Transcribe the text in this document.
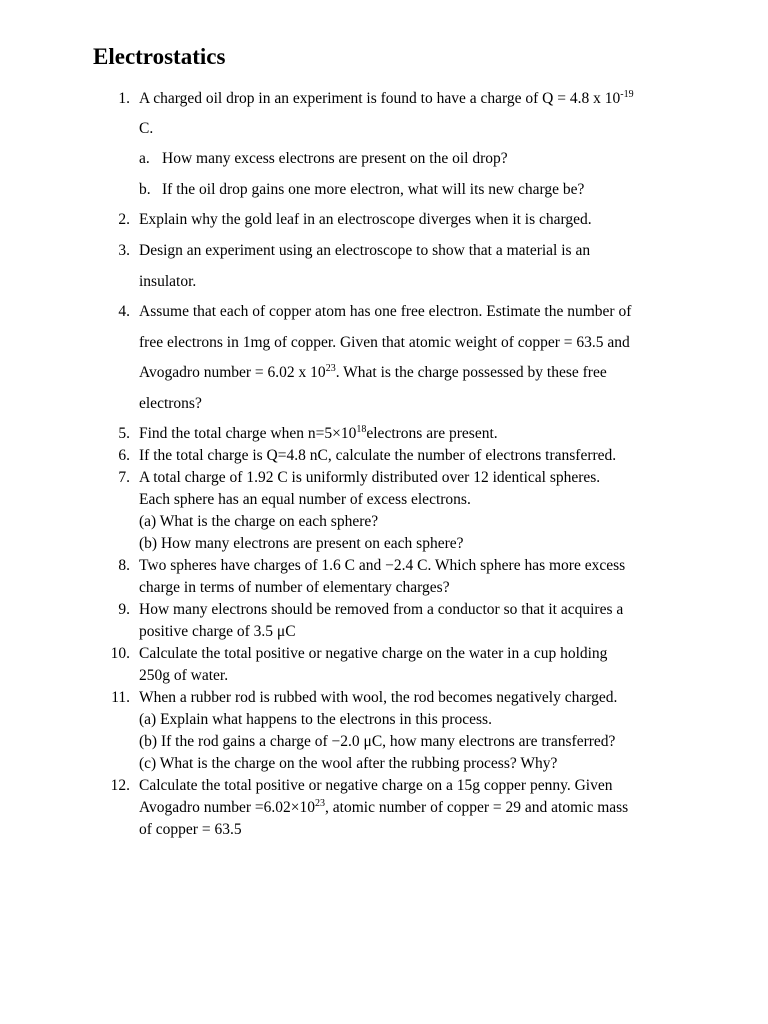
Electrostatics
1. A charged oil drop in an experiment is found to have a charge of Q = 4.8 x $10^{-19}$
C.
a. How many excess electrons are present on the oil drop?
b. If the oil drop gains one more electron, what will its new charge be?
2. Explain why the gold leaf in an electroscope diverges when it is charged.
3. Design an experiment using an electroscope to show that a material is an
insulator.
4. Assume that each of copper atom has one free electron. Estimate the number of
free electrons in 1mg of copper. Given that atomic weight of copper = 63.5 and
Avogadro number = 6.02 x $10^{23}$. What is the charge possessed by these free
electrons?
5. Find the total charge when $n=5\times 10^{18}electrons$ are present.
6. If the total charge is Q=4.8 nC, calculate the number of electrons transferred.
7. A total charge of 1.92 C is uniformly distributed over 12 identical spheres.
Each sphere has an equal number of excess electrons.
(a) What is the charge on each sphere?
(b) How many electrons are present on each sphere?
8. Two spheres have charges of 1.6 C and −2.4 C. Which sphere has more excess
charge in terms of number of elementary charges?
9. How many electrons should be removed from a conductor so that it acquires a
positive charge of 3.5 μC
10. Calculate the total positive or negative charge on the water in a cup holding
250g of water.
11. When a rubber rod is rubbed with wool, the rod becomes negatively charged.
(a) Explain what happens to the electrons in this process.
(b) If the rod gains a charge of −2.0 μC, how many electrons are transferred?
(c) What is the charge on the wool after the rubbing process? Why?
12. Calculate the total positive or negative charge on a 15g copper penny. Given
Avogadro number $=6.02\times 10^{23}$, atomic number of copper = 29 and atomic mass
of copper = 63.5
